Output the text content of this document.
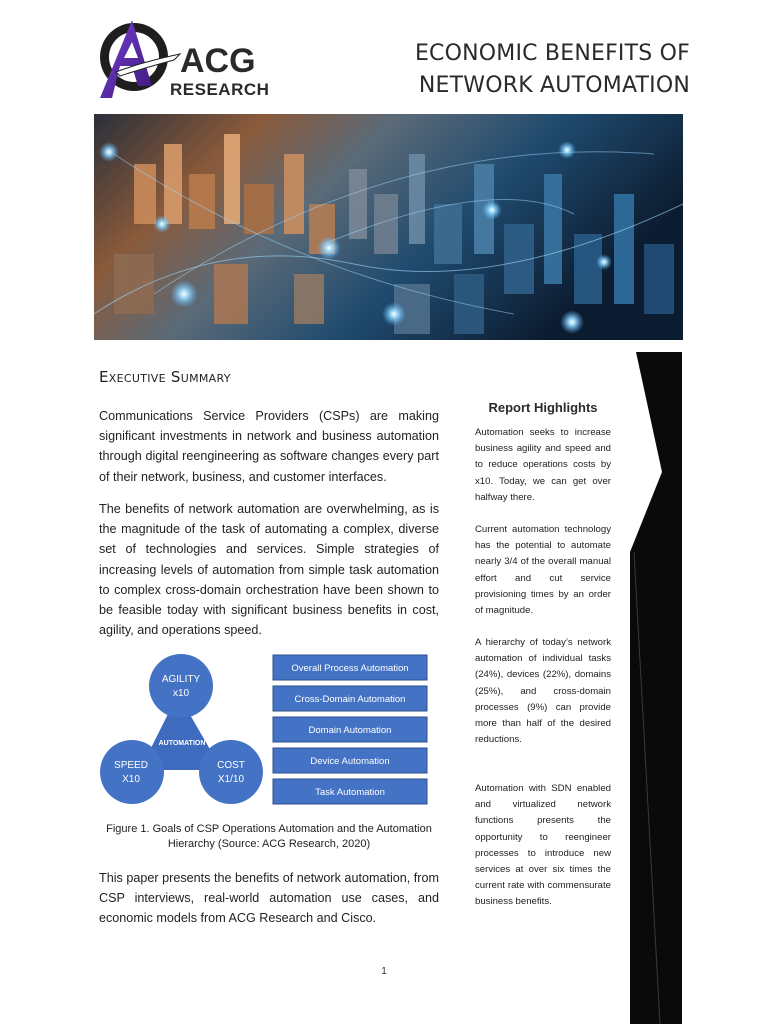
ACG
RESEARCH
ECONOMIC BENEFITS OF
NETWORK AUTOMATION
Executive Summary
Communications Service Providers (CSPs) are making significant investments in network and business automation through digital reengineering as software changes every part of their network, business, and customer interfaces.
The benefits of network automation are overwhelming, as is the magnitude of the task of automating a complex, diverse set of technologies and services. Simple strategies of increasing levels of automation from simple task automation to complex cross-domain orchestration have been shown to be feasible today with significant business benefits in cost, agility, and operations speed.
AGILITY
x10
SPEED
X10
COST
X1/10
AUTOMATION
Overall Process Automation
Cross-Domain Automation
Domain Automation
Device Automation
Task Automation
Figure 1. Goals of CSP Operations Automation and the Automation Hierarchy (Source: ACG Research, 2020)
This paper presents the benefits of network automation, from CSP interviews, real-world automation use cases, and economic models from ACG Research and Cisco.
Report Highlights
Automation seeks to increase business agility and speed and to reduce operations costs by x10. Today, we can get over halfway there.
Current automation technology has the potential to automate nearly 3/4 of the overall manual effort and cut service provisioning times by an order of magnitude.
A hierarchy of today’s network automation of individual tasks (24%), devices (22%), domains (25%), and cross-domain processes (9%) can provide more than half of the desired reductions.
Automation with SDN enabled and virtualized network functions presents the opportunity to reengineer processes to introduce new services at over six times the current rate with commensurate business benefits.
1
